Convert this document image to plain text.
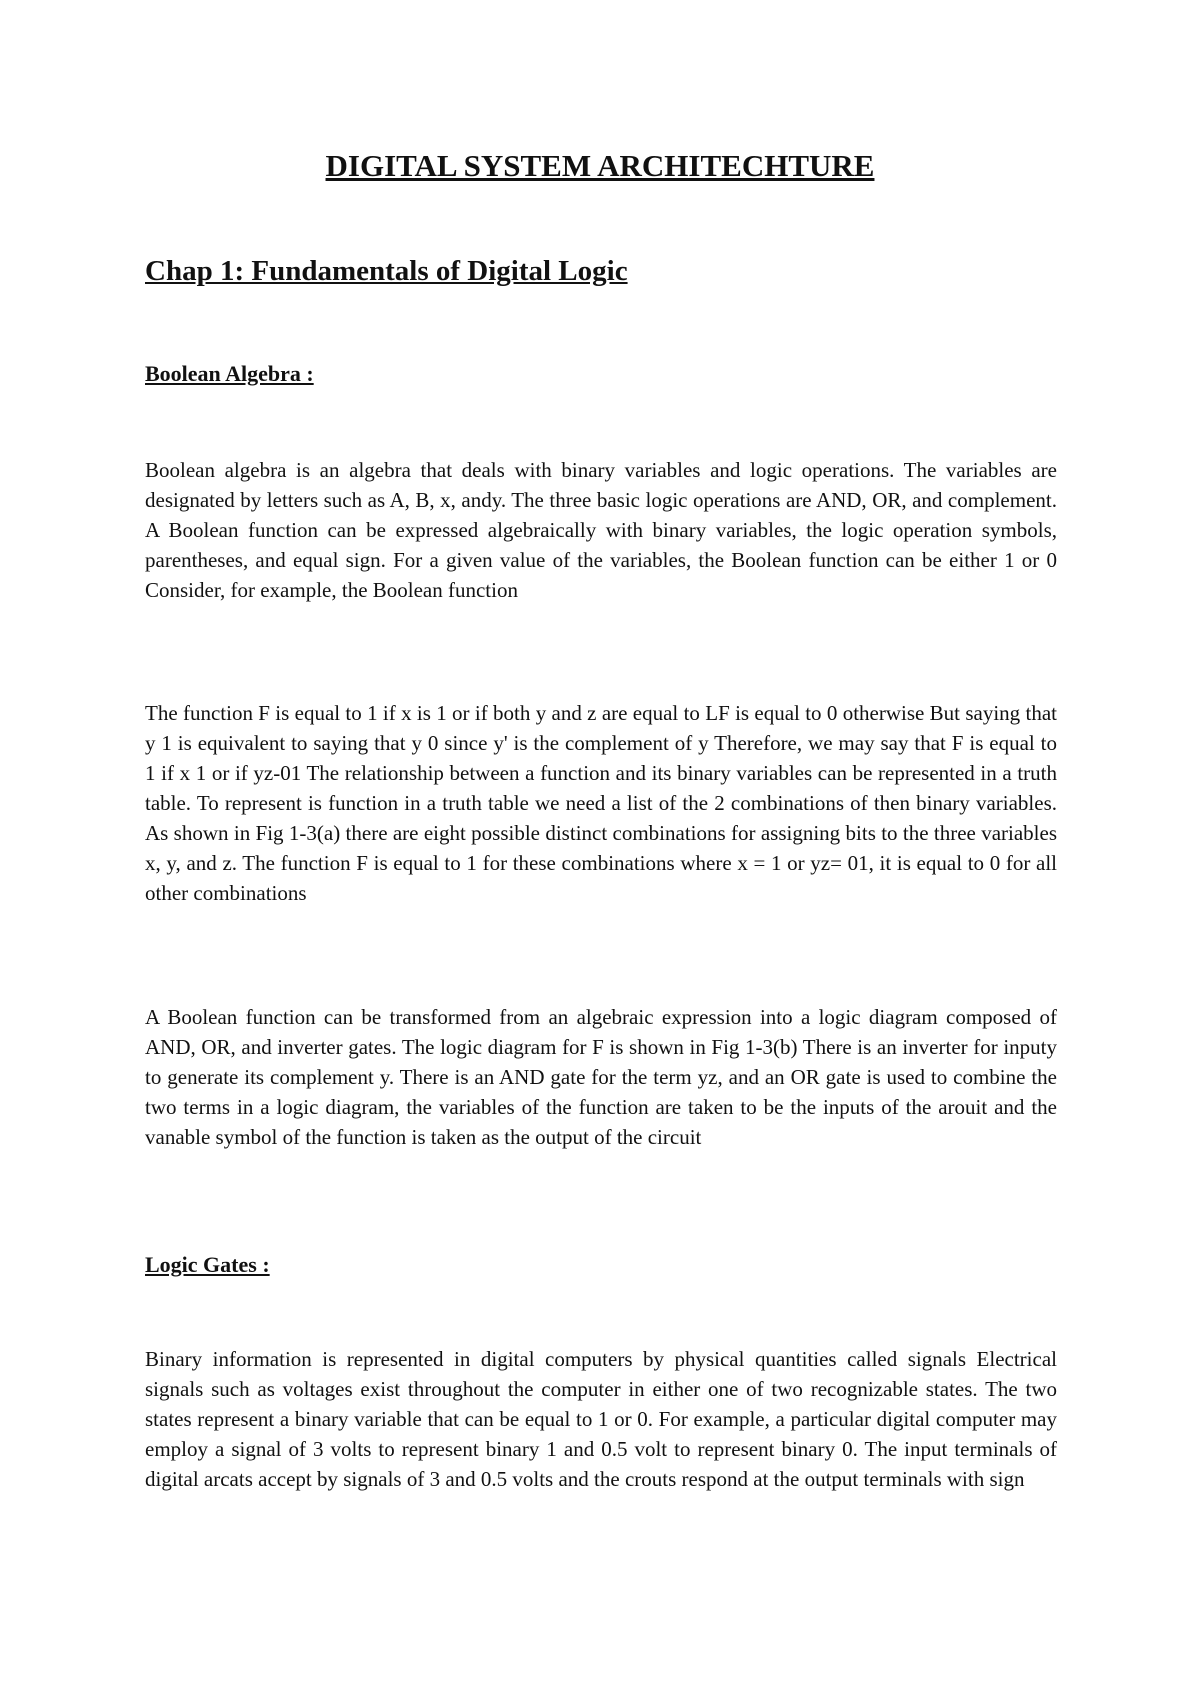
DIGITAL SYSTEM ARCHITECHTURE
Chap 1: Fundamentals of Digital Logic
Boolean Algebra :

Boolean algebra is an algebra that deals with binary variables and logic operations. The variables are designated by letters such as A, B, x, andy. The three basic logic operations are AND, OR, and complement. A Boolean function can be expressed algebraically with binary variables, the logic operation symbols, parentheses, and equal sign. For a given value of the variables, the Boolean function can be either 1 or 0 Consider, for example, the Boolean function

The function F is equal to 1 if x is 1 or if both y and z are equal to LF is equal to 0 otherwise But saying that y 1 is equivalent to saying that y 0 since y' is the complement of y Therefore, we may say that F is equal to 1 if x 1 or if yz-01 The relationship between a function and its binary variables can be represented in a truth table. To represent is function in a truth table we need a list of the 2 combinations of then binary variables. As shown in Fig 1-3(a) there are eight possible distinct combinations for assigning bits to the three variables x, y, and z. The function F is equal to 1 for these combinations where x = 1 or yz= 01, it is equal to 0 for all other combinations

A Boolean function can be transformed from an algebraic expression into a logic diagram composed of AND, OR, and inverter gates. The logic diagram for F is shown in Fig 1-3(b) There is an inverter for inputy to generate its complement y. There is an AND gate for the term yz, and an OR gate is used to combine the two terms in a logic diagram, the variables of the function are taken to be the inputs of the arouit and the vanable symbol of the function is taken as the output of the circuit

Logic Gates :

Binary information is represented in digital computers by physical quantities called signals Electrical signals such as voltages exist throughout the computer in either one of two recognizable states. The two states represent a binary variable that can be equal to 1 or 0. For example, a particular digital computer may employ a signal of 3 volts to represent binary 1 and 0.5 volt to represent binary 0. The input terminals of digital arcats accept by signals of 3 and 0.5 volts and the crouts respond at the output terminals with sign
